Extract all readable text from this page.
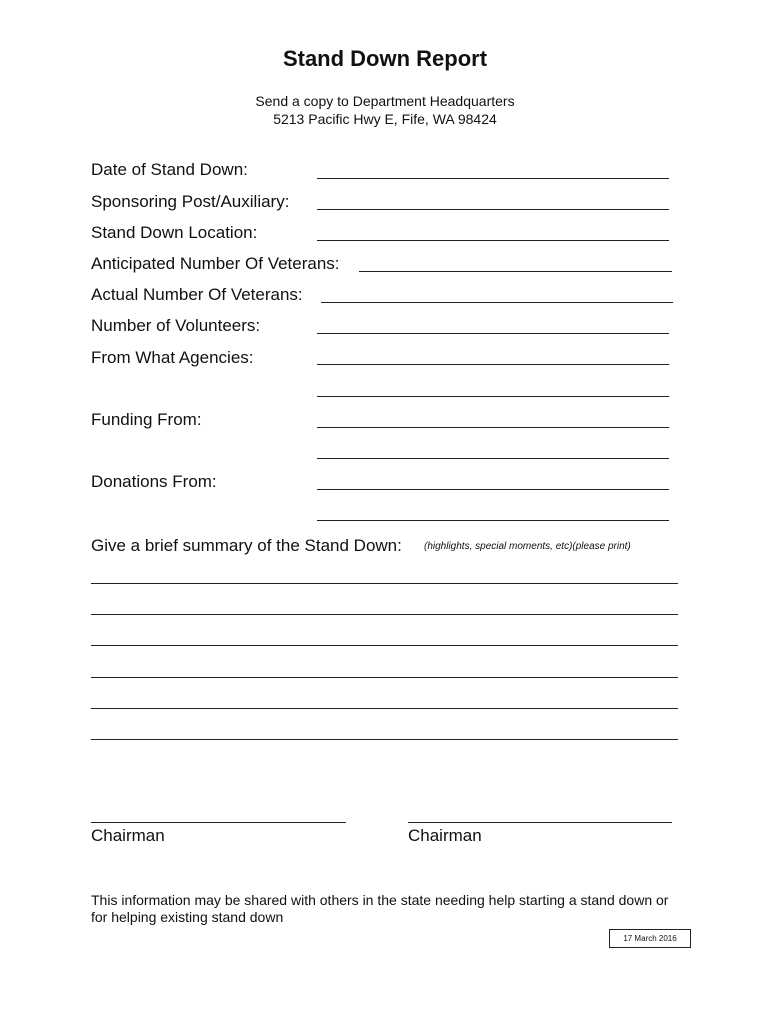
Stand Down Report
Send a copy to Department Headquarters
5213 Pacific Hwy E, Fife, WA 98424
Date of Stand Down:
Sponsoring Post/Auxiliary:
Stand Down Location:
Anticipated Number Of Veterans:
Actual Number Of Veterans:
Number of Volunteers:
From What Agencies:
Funding From:
Donations From:
Give a brief summary of the Stand Down: (highlights, special moments, etc)(please print)
Chairman	Chairman
This information may be shared with others in the state needing help starting a stand down or for helping existing stand down
17 March 2016
